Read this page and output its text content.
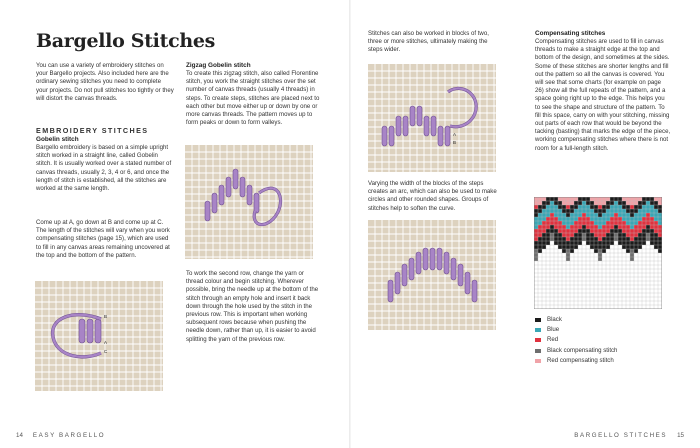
Bargello Stitches

You can use a variety of embroidery stitches on your Bargello projects. Also included here are the ordinary sewing stitches you need to complete your projects. Do not pull stitches too tightly or they will distort the canvas threads.

EMBROIDERY STITCHES

Gobelin stitch

Bargello embroidery is based on a simple upright stitch worked in a straight line, called Gobelin stitch. It is usually worked over a stated number of canvas threads, usually 2, 3, 4 or 6, and once the length of stitch is established, all the stitches are worked at the same length.

Come up at A, go down at B and come up at C. The length of the stitches will vary when you work compensating stitches (page 15), which are used to fill in any canvas areas remaining uncovered at the top and the bottom of the pattern.

B
A
C

Zigzag Gobelin stitch

To create this zigzag stitch, also called Florentine stitch, you work the straight stitches over the set number of canvas threads (usually 4 threads) in steps. To create steps, stitches are placed next to each other but move either up or down by one or more canvas threads. The pattern moves up to form peaks or down to form valleys.

To work the second row, change the yarn or thread colour and begin stitching. Wherever possible, bring the needle up at the bottom of the stitch through an empty hole and insert it back down through the hole used by the stitch in the previous row. This is important when working subsequent rows because when pushing the needle down, rather than up, it is easier to avoid splitting the yarn of the previous row.

14 EASY BARGELLO

Stitches can also be worked in blocks of two, three or more stitches, ultimately making the steps wider.

A
B

Varying the width of the blocks of the steps creates an arc, which can also be used to make circles and other rounded shapes. Groups of stitches help to soften the curve.

Compensating stitches

Compensating stitches are used to fill in canvas threads to make a straight edge at the top and bottom of the design, and sometimes at the sides. Some of these stitches are shorter lengths and fill out the pattern so all the canvas is covered. You will see that some charts (for example on page 26) show all the full repeats of the pattern, and a space going right up to the edge. This helps you to see the shape and structure of the pattern. To fill this space, carry on with your stitching, missing out parts of each row that would be beyond the tacking (basting) that marks the edge of the piece, working compensating stitches where there is not room for a full-length stitch.

Black
Blue
Red
Black compensating stitch
Red compensating stitch

BARGELLO STITCHES 15
